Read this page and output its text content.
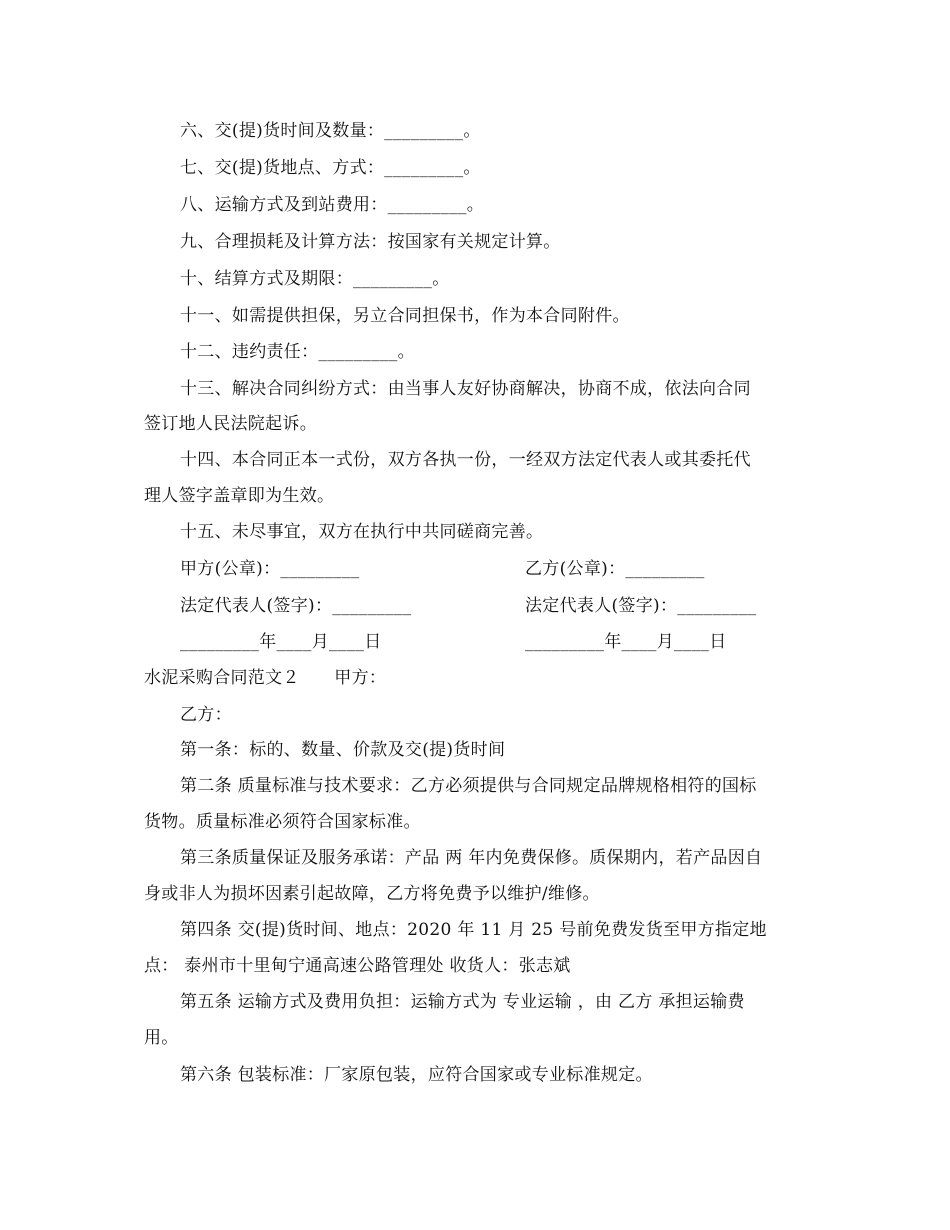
六、交(提)货时间及数量：_________。
七、交(提)货地点、方式：_________。
八、运输方式及到站费用：_________。
九、合理损耗及计算方法：按国家有关规定计算。
十、结算方式及期限：_________。
十一、如需提供担保，另立合同担保书，作为本合同附件。
十二、违约责任：_________。
十三、解决合同纠纷方式：由当事人友好协商解决，协商不成，依法向合同
签订地人民法院起诉。
十四、本合同正本一式份，双方各执一份，一经双方法定代表人或其委托代
理人签字盖章即为生效。
十五、未尽事宜，双方在执行中共同磋商完善。
甲方(公章)：_________	乙方(公章)：_________
法定代表人(签字)：_________	法定代表人(签字)：_________
_________年____月____日	_________年____月____日
水泥采购合同范文２　　甲方：
乙方：
第一条：标的、数量、价款及交(提)货时间
第二条 质量标准与技术要求：乙方必须提供与合同规定品牌规格相符的国标
货物。质量标准必须符合国家标准。
第三条质量保证及服务承诺：产品 两 年内免费保修。质保期内，若产品因自
身或非人为损坏因素引起故障，乙方将免费予以维护/维修。
第四条 交(提)货时间、地点：2020 年 11 月 25 号前免费发货至甲方指定地
点： 泰州市十里甸宁通高速公路管理处 收货人：张志斌
第五条 运输方式及费用负担：运输方式为 专业运输 ，由 乙方 承担运输费
用。
第六条 包装标准：厂家原包装，应符合国家或专业标准规定。
